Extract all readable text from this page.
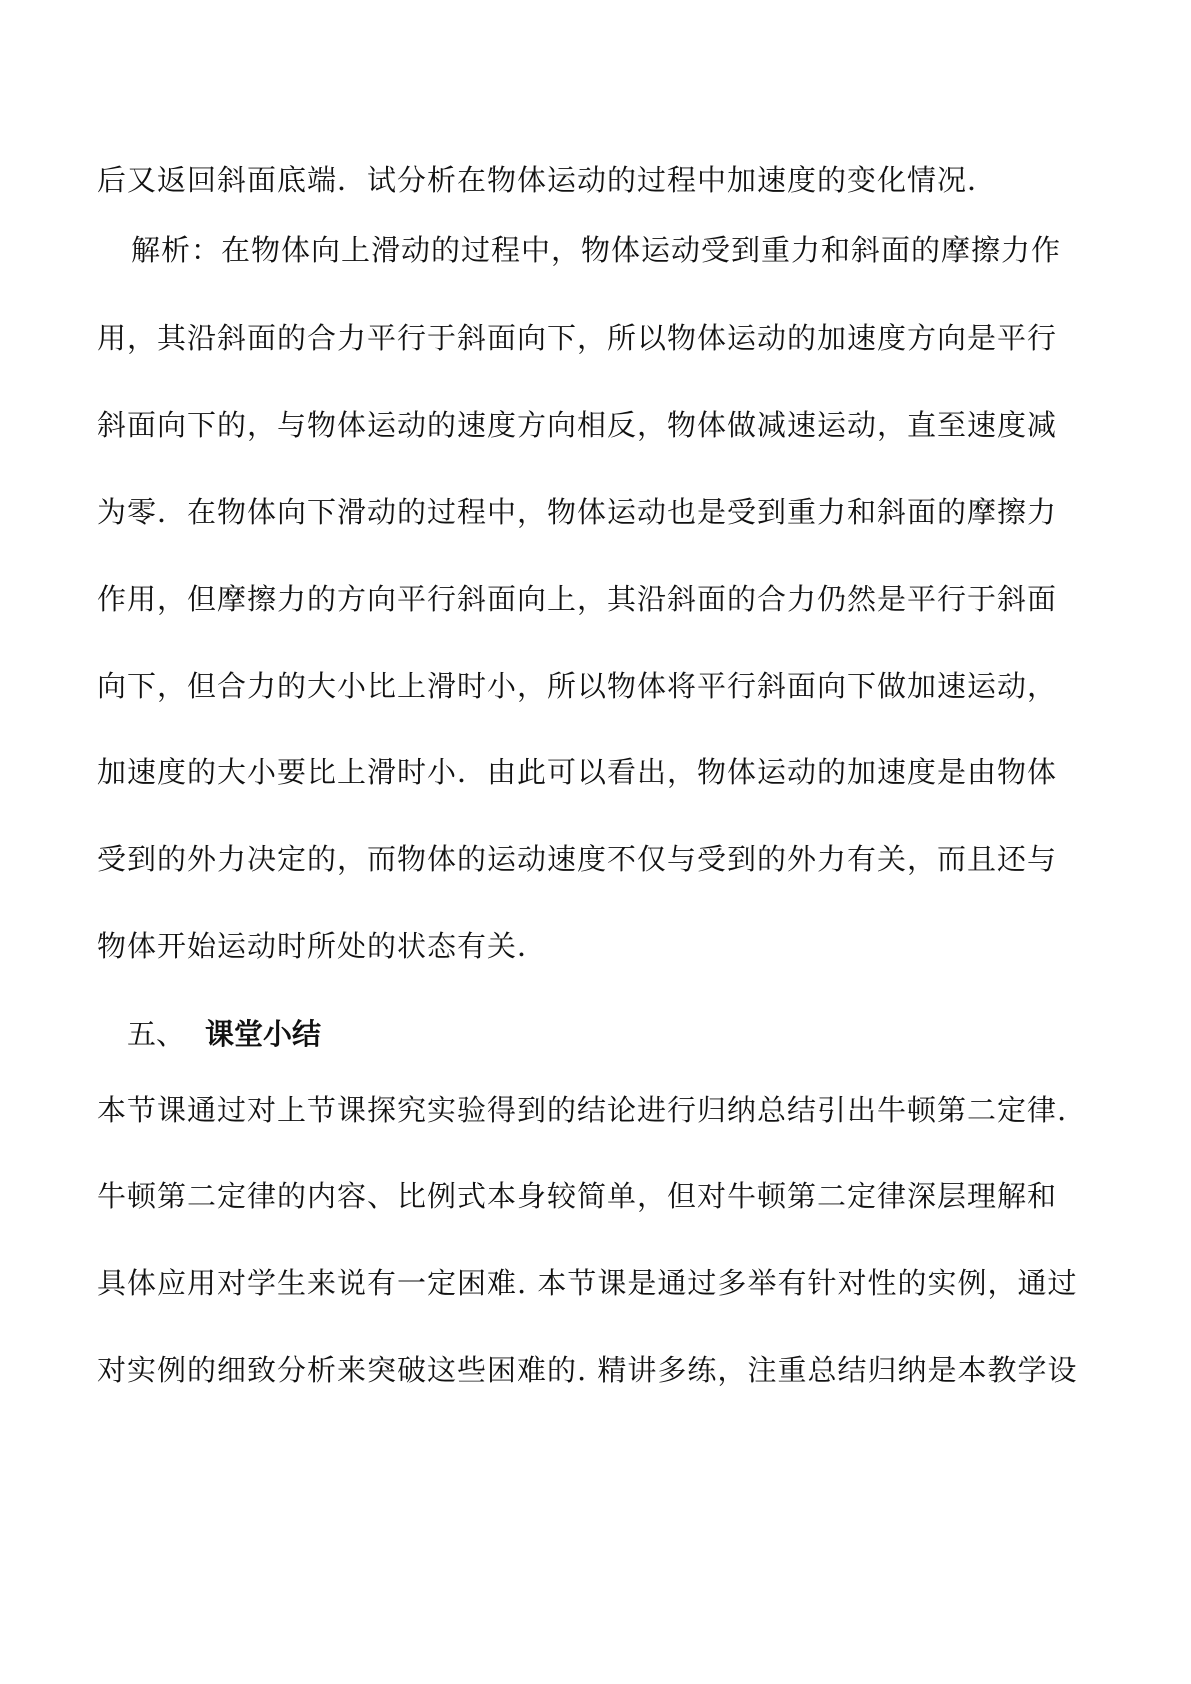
后又返回斜面底端．试分析在物体运动的过程中加速度的变化情况．
解析：在物体向上滑动的过程中，物体运动受到重力和斜面的摩擦力作
用，其沿斜面的合力平行于斜面向下，所以物体运动的加速度方向是平行
斜面向下的，与物体运动的速度方向相反，物体做减速运动，直至速度减
为零．在物体向下滑动的过程中，物体运动也是受到重力和斜面的摩擦力
作用，但摩擦力的方向平行斜面向上，其沿斜面的合力仍然是平行于斜面
向下，但合力的大小比上滑时小，所以物体将平行斜面向下做加速运动，
加速度的大小要比上滑时小．由此可以看出，物体运动的加速度是由物体
受到的外力决定的，而物体的运动速度不仅与受到的外力有关，而且还与
物体开始运动时所处的状态有关．
五、 课堂小结
本节课通过对上节课探究实验得到的结论进行归纳总结引出牛顿第二定律.
牛顿第二定律的内容、比例式本身较简单，但对牛顿第二定律深层理解和
具体应用对学生来说有一定困难. 本节课是通过多举有针对性的实例，通过
对实例的细致分析来突破这些困难的. 精讲多练，注重总结归纳是本教学设
